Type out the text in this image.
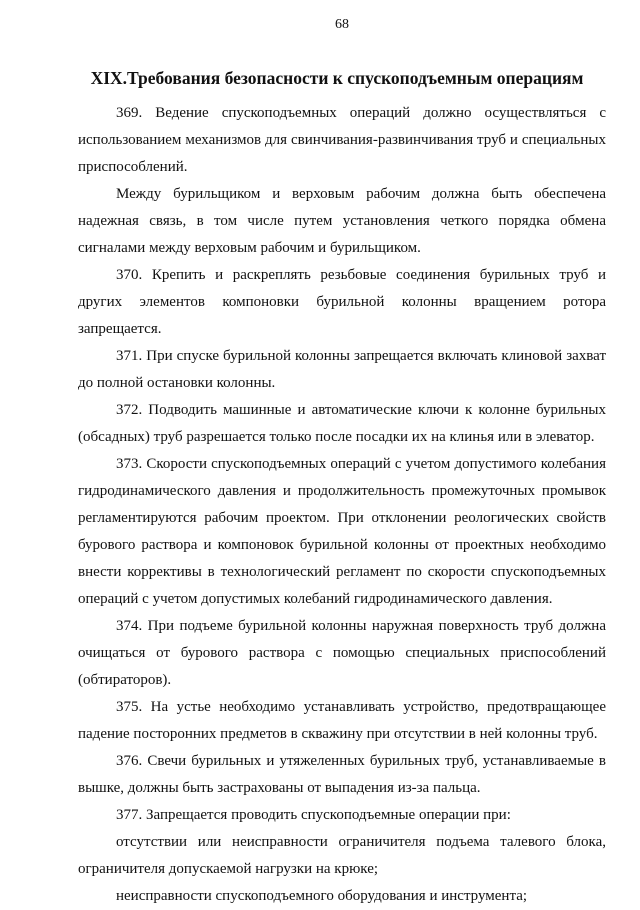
68
XIX.Требования безопасности к спускоподъемным операциям

369. Ведение спускоподъемных операций должно осуществляться с использованием механизмов для свинчивания-развинчивания труб и специальных приспособлений.

Между бурильщиком и верховым рабочим должна быть обеспечена надежная связь, в том числе путем установления четкого порядка обмена сигналами между верховым рабочим и бурильщиком.

370. Крепить и раскреплять резьбовые соединения бурильных труб и других элементов компоновки бурильной колонны вращением ротора запрещается.

371. При спуске бурильной колонны запрещается включать клиновой захват до полной остановки колонны.

372. Подводить машинные и автоматические ключи к колонне бурильных (обсадных) труб разрешается только после посадки их на клинья или в элеватор.

373. Скорости спускоподъемных операций с учетом допустимого колебания гидродинамического давления и продолжительность промежуточных промывок регламентируются рабочим проектом. При отклонении реологических свойств бурового раствора и компоновок бурильной колонны от проектных необходимо внести коррективы в технологический регламент по скорости спускоподъемных операций с учетом допустимых колебаний гидродинамического давления.

374. При подъеме бурильной колонны наружная поверхность труб должна очищаться от бурового раствора с помощью специальных приспособлений (обтираторов).

375. На устье необходимо устанавливать устройство, предотвращающее падение посторонних предметов в скважину при отсутствии в ней колонны труб.

376. Свечи бурильных и утяжеленных бурильных труб, устанавливаемые в вышке, должны быть застрахованы от выпадения из-за пальца.

377. Запрещается проводить спускоподъемные операции при:

отсутствии или неисправности ограничителя подъема талевого блока, ограничителя допускаемой нагрузки на крюке;

неисправности спускоподъемного оборудования и инструмента;
